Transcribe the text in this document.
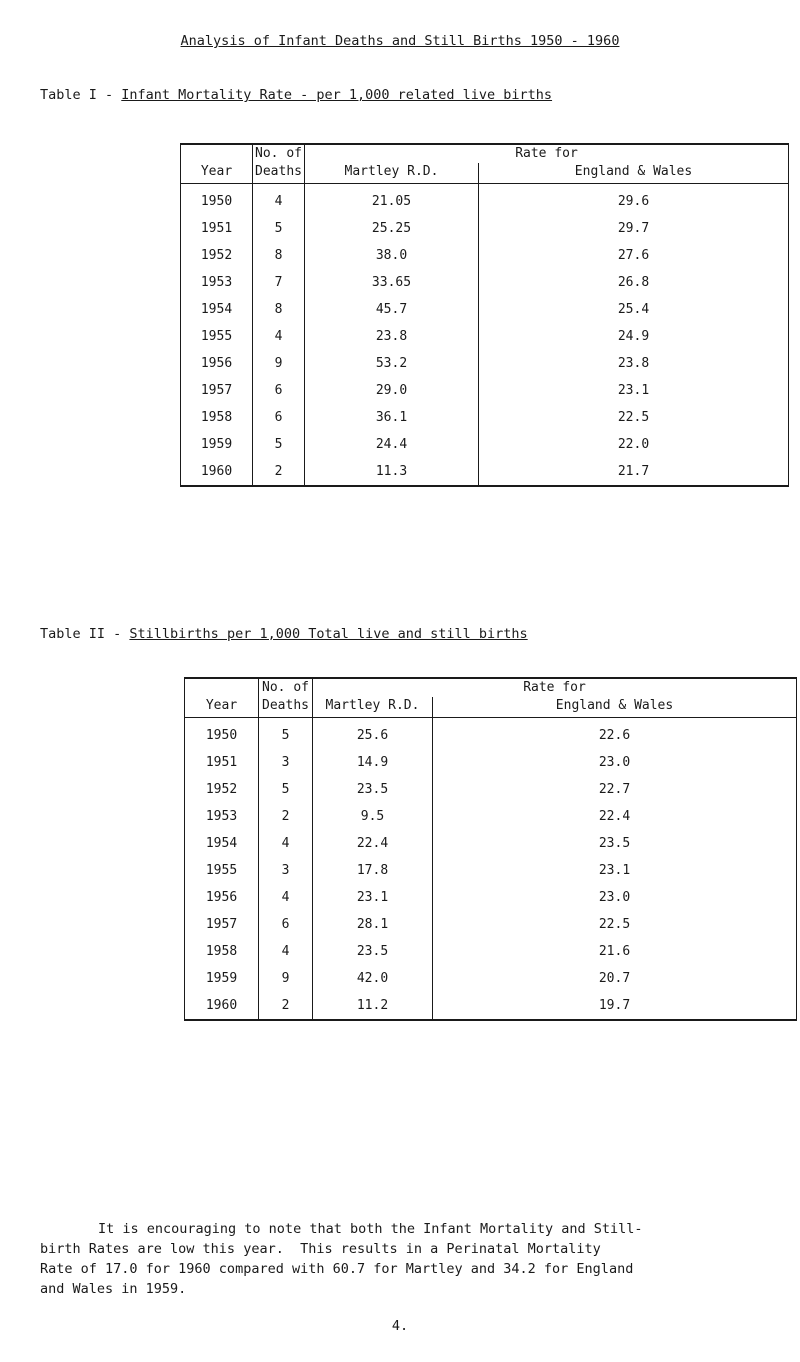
Analysis of Infant Deaths and Still Births 1950 - 1960
Table I - Infant Mortality Rate - per 1,000 related live births
Year	No. of	Rate for	
	Deaths	Martley R.D.	England & Wales
1950	4	21.05	29.6
1951	5	25.25	29.7
1952	8	38.0	27.6
1953	7	33.65	26.8
1954	8	45.7	25.4
1955	4	23.8	24.9
1956	9	53.2	23.8
1957	6	29.0	23.1
1958	6	36.1	22.5
1959	5	24.4	22.0
1960	2	11.3	21.7
Table II - Stillbirths per 1,000 Total live and still births
Year	No. of	Rate for	
	Deaths	Martley R.D.	England & Wales
1950	5	25.6	22.6
1951	3	14.9	23.0
1952	5	23.5	22.7
1953	2	9.5	22.4
1954	4	22.4	23.5
1955	3	17.8	23.1
1956	4	23.1	23.0
1957	6	28.1	22.5
1958	4	23.5	21.6
1959	9	42.0	20.7
1960	2	11.2	19.7
It is encouraging to note that both the Infant Mortality and Still-
birth Rates are low this year.  This results in a Perinatal Mortality
Rate of 17.0 for 1960 compared with 60.7 for Martley and 34.2 for England
and Wales in 1959.
4.
